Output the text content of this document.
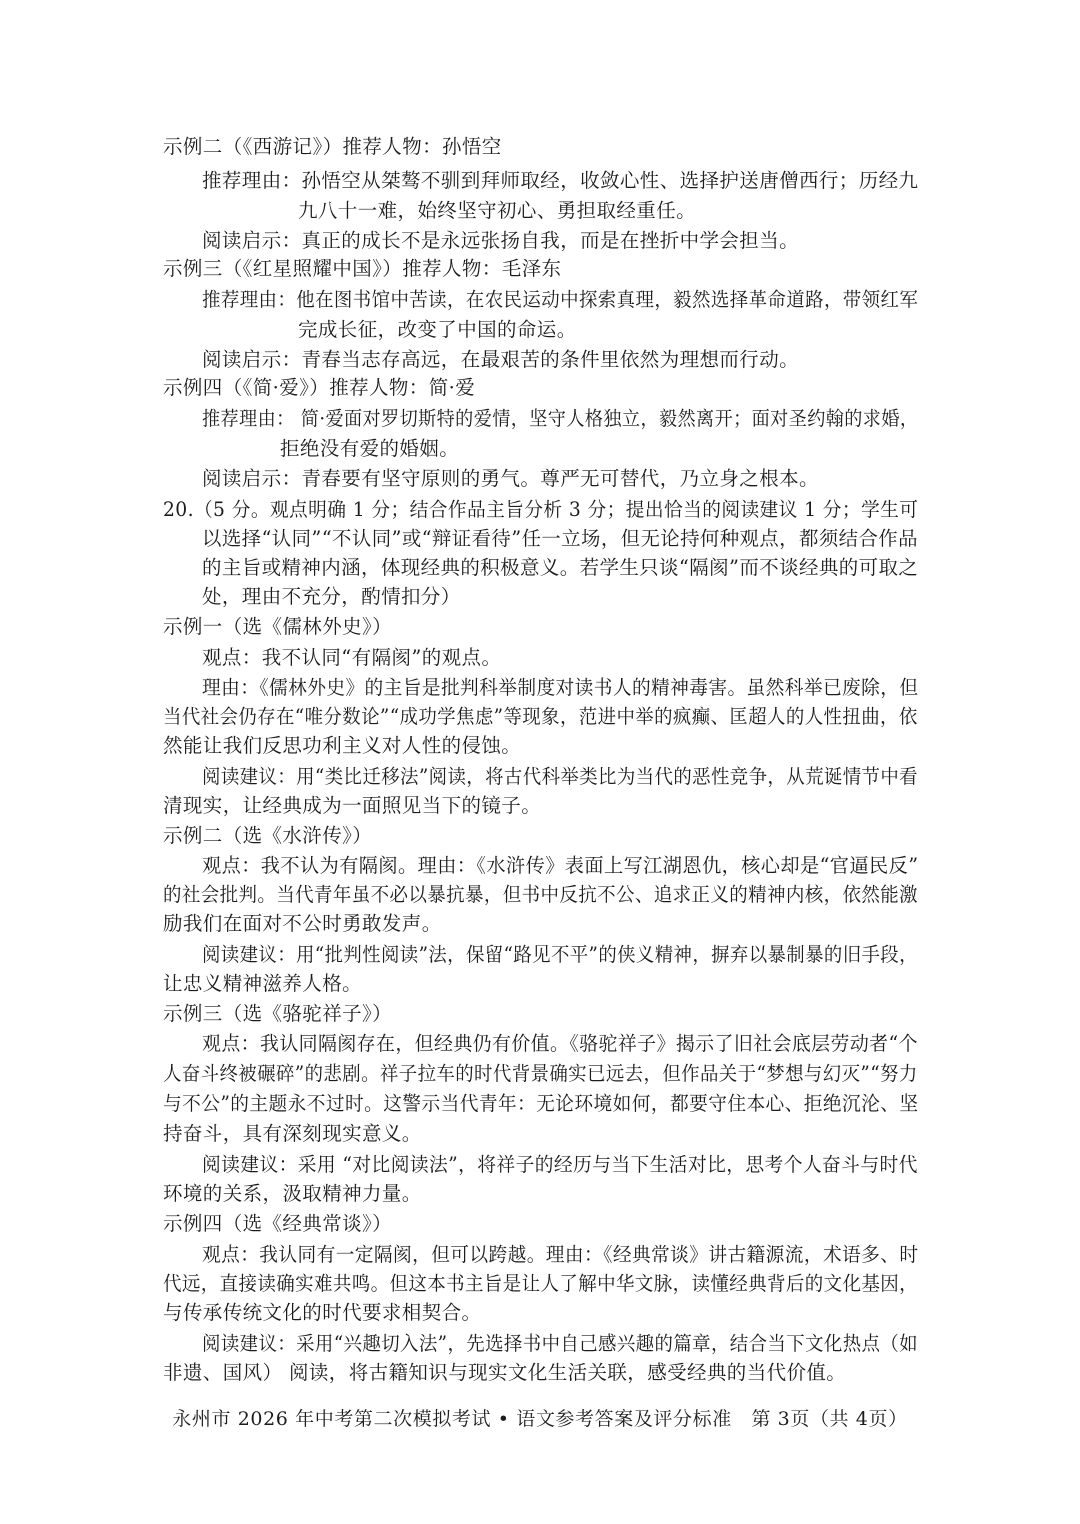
示例二（《西游记》）推荐人物：孙悟空
推荐理由：孙悟空从桀骜不驯到拜师取经，收敛心性、选择护送唐僧西行；历经九
九八十一难，始终坚守初心、勇担取经重任。
阅读启示：真正的成长不是永远张扬自我，而是在挫折中学会担当。
示例三（《红星照耀中国》）推荐人物：毛泽东
推荐理由：他在图书馆中苦读，在农民运动中探索真理，毅然选择革命道路，带领红军
完成长征，改变了中国的命运。
阅读启示：青春当志存高远，在最艰苦的条件里依然为理想而行动。
示例四（《简·爱》）推荐人物：简·爱
推荐理由： 简·爱面对罗切斯特的爱情，坚守人格独立，毅然离开；面对圣约翰的求婚，
拒绝没有爱的婚姻。
阅读启示：青春要有坚守原则的勇气。尊严无可替代，乃立身之根本。
20.（5 分。观点明确 1 分；结合作品主旨分析 3 分；提出恰当的阅读建议 1 分；学生可
以选择“认同”“不认同”或“辩证看待”任一立场，但无论持何种观点，都须结合作品
的主旨或精神内涵，体现经典的积极意义。若学生只谈“隔阂”而不谈经典的可取之
处，理由不充分，酌情扣分）
示例一（选《儒林外史》）
观点：我不认同“有隔阂”的观点。
理由：《儒林外史》的主旨是批判科举制度对读书人的精神毒害。虽然科举已废除，但
当代社会仍存在“唯分数论”“成功学焦虑”等现象，范进中举的疯癫、匡超人的人性扭曲，依
然能让我们反思功利主义对人性的侵蚀。
阅读建议：用“类比迁移法”阅读，将古代科举类比为当代的恶性竞争，从荒诞情节中看
清现实，让经典成为一面照见当下的镜子。
示例二（选《水浒传》）
观点：我不认为有隔阂。理由：《水浒传》表面上写江湖恩仇，核心却是“官逼民反”
的社会批判。当代青年虽不必以暴抗暴，但书中反抗不公、追求正义的精神内核，依然能激
励我们在面对不公时勇敢发声。
阅读建议：用“批判性阅读”法，保留“路见不平”的侠义精神，摒弃以暴制暴的旧手段，
让忠义精神滋养人格。
示例三（选《骆驼祥子》）
观点：我认同隔阂存在，但经典仍有价值。《骆驼祥子》揭示了旧社会底层劳动者“个
人奋斗终被碾碎”的悲剧。祥子拉车的时代背景确实已远去，但作品关于“梦想与幻灭”“努力
与不公”的主题永不过时。这警示当代青年：无论环境如何，都要守住本心、拒绝沉沦、坚
持奋斗，具有深刻现实意义。
阅读建议：采用 “对比阅读法”，将祥子的经历与当下生活对比，思考个人奋斗与时代
环境的关系，汲取精神力量。
示例四（选《经典常谈》）
观点：我认同有一定隔阂，但可以跨越。理由：《经典常谈》讲古籍源流，术语多、时
代远，直接读确实难共鸣。但这本书主旨是让人了解中华文脉，读懂经典背后的文化基因，
与传承传统文化的时代要求相契合。
阅读建议：采用“兴趣切入法”，先选择书中自己感兴趣的篇章，结合当下文化热点（如
非遗、国风） 阅读，将古籍知识与现实文化生活关联，感受经典的当代价值。
永州市 2026 年中考第二次模拟考试 • 语文参考答案及评分标准　第 3页（共 4页）
